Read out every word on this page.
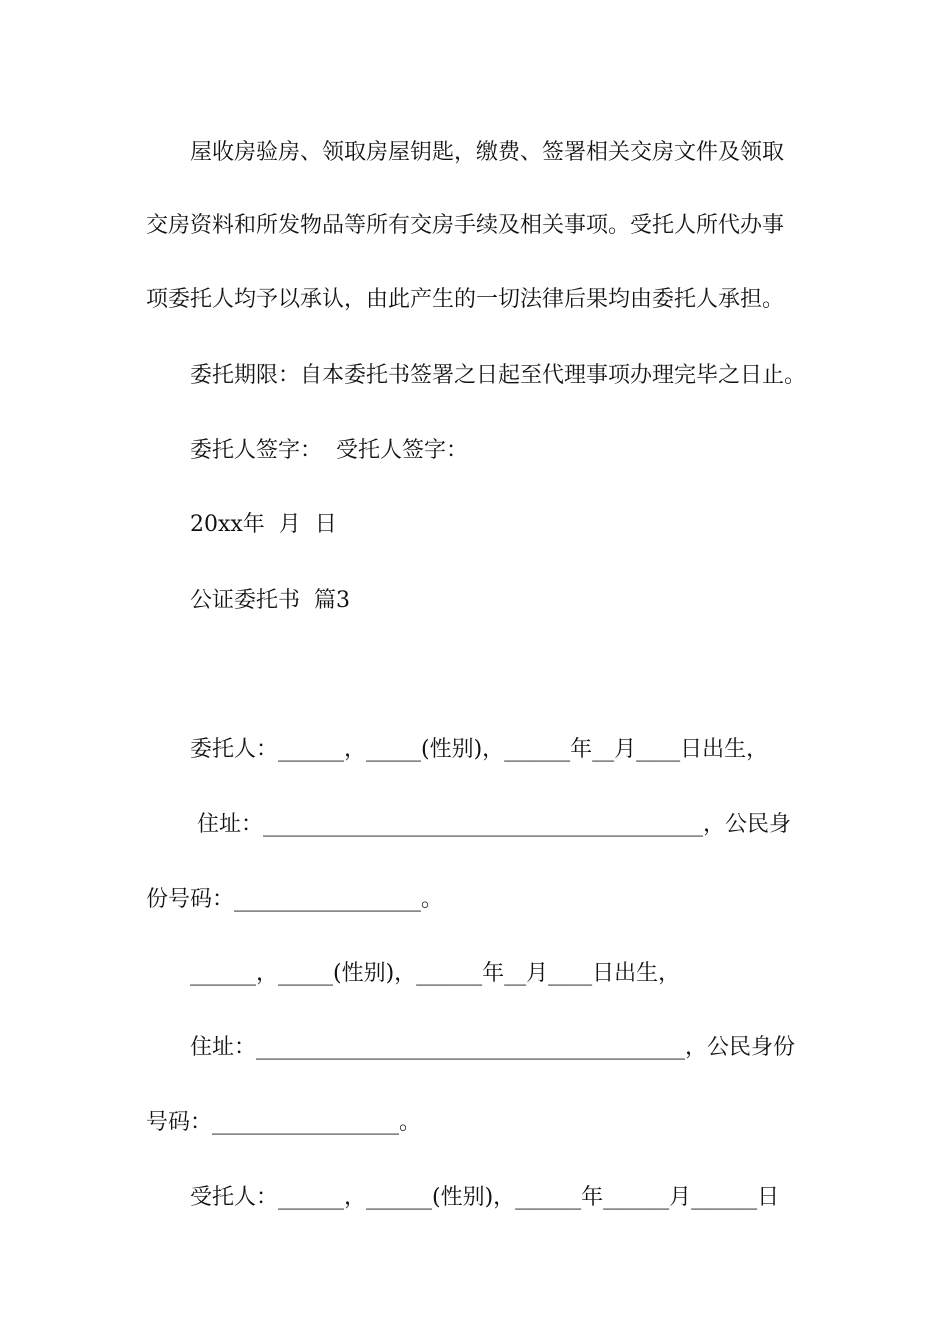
屋收房验房、领取房屋钥匙，缴费、签署相关交房文件及领取
交房资料和所发物品等所有交房手续及相关事项。受托人所代办事
项委托人均予以承认，由此产生的一切法律后果均由委托人承担。
委托期限：自本委托书签署之日起至代理事项办理完毕之日止。
委托人签字：  受托人签字：
20xx年  月  日
公证委托书  篇3
委托人：______，_____(性别)，______年__月____日出生，
住址：________________________________________，公民身
份号码：_________________。
______，_____(性别)，______年__月____日出生，
住址：_______________________________________，公民身份
号码：_________________。
受托人：______，______(性别)，______年______月______日
